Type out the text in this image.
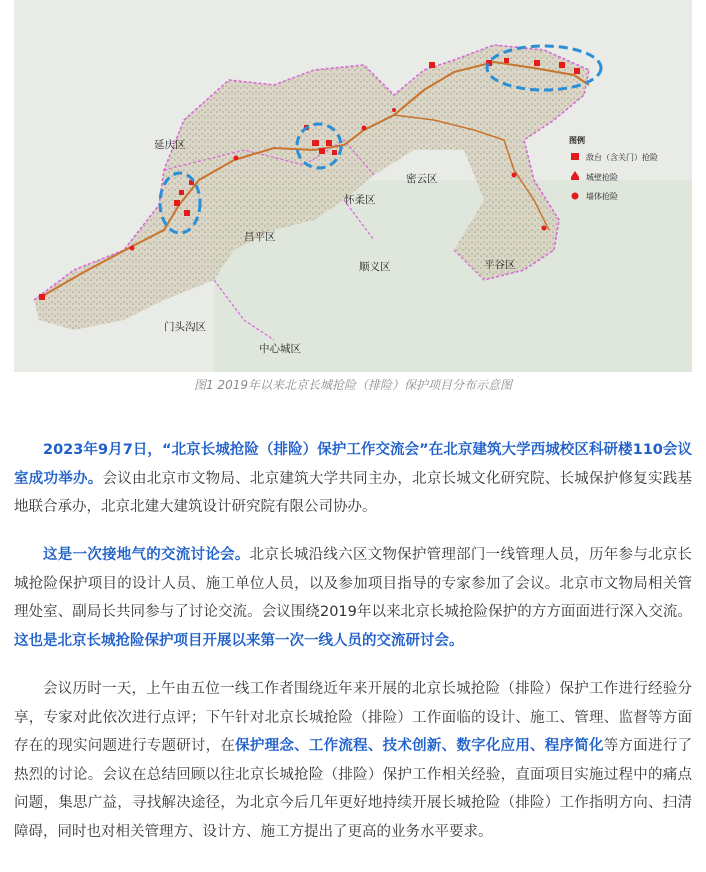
延庆区
怀柔区
密云区
昌平区
平谷区
门头沟区
中心城区
顺义区
图例
敌台（含关门）抢险
城壁抢险
墙体抢险
图1 2019年以来北京长城抢险（排险）保护项目分布示意图

2023年9月7日，“北京长城抢险（排险）保护工作交流会”在北京建筑大学西城校区科研楼110会议室成功举办。会议由北京市文物局、北京建筑大学共同主办，北京长城文化研究院、长城保护修复实践基地联合承办，北京北建大建筑设计研究院有限公司协办。

这是一次接地气的交流讨论会。北京长城沿线六区文物保护管理部门一线管理人员，历年参与北京长城抢险保护项目的设计人员、施工单位人员，以及参加项目指导的专家参加了会议。北京市文物局相关管理处室、副局长共同参与了讨论交流。会议围绕2019年以来北京长城抢险保护的方方面面进行深入交流。这也是北京长城抢险保护项目开展以来第一次一线人员的交流研讨会。

会议历时一天，上午由五位一线工作者围绕近年来开展的北京长城抢险（排险）保护工作进行经验分享，专家对此依次进行点评；下午针对北京长城抢险（排险）工作面临的设计、施工、管理、监督等方面存在的现实问题进行专题研讨，在保护理念、工作流程、技术创新、数字化应用、程序简化等方面进行了热烈的讨论。会议在总结回顾以往北京长城抢险（排险）保护工作相关经验，直面项目实施过程中的痛点问题，集思广益，寻找解决途径，为北京今后几年更好地持续开展长城抢险（排险）工作指明方向、扫清障碍，同时也对相关管理方、设计方、施工方提出了更高的业务水平要求。
